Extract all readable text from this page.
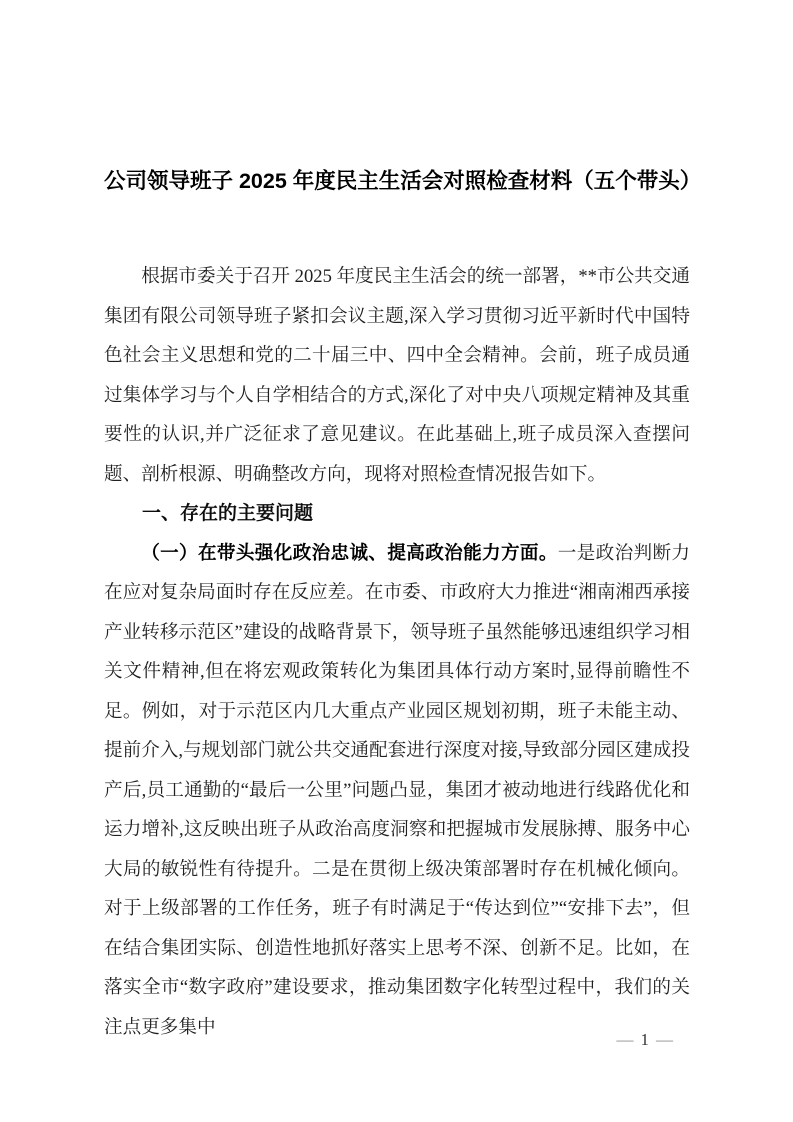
公司领导班子 2025 年度民主生活会对照检查材料（五个带头）

根据市委关于召开 2025 年度民主生活会的统一部署，**市公共交通集团有限公司领导班子紧扣会议主题,深入学习贯彻习近平新时代中国特色社会主义思想和党的二十届三中、四中全会精神。会前，班子成员通过集体学习与个人自学相结合的方式,深化了对中央八项规定精神及其重要性的认识,并广泛征求了意见建议。在此基础上,班子成员深入查摆问题、剖析根源、明确整改方向，现将对照检查情况报告如下。

一、存在的主要问题

（一）在带头强化政治忠诚、提高政治能力方面。一是政治判断力在应对复杂局面时存在反应差。在市委、市政府大力推进“湘南湘西承接产业转移示范区”建设的战略背景下，领导班子虽然能够迅速组织学习相关文件精神,但在将宏观政策转化为集团具体行动方案时,显得前瞻性不足。例如，对于示范区内几大重点产业园区规划初期，班子未能主动、提前介入,与规划部门就公共交通配套进行深度对接,导致部分园区建成投产后,员工通勤的“最后一公里”问题凸显，集团才被动地进行线路优化和运力增补,这反映出班子从政治高度洞察和把握城市发展脉搏、服务中心大局的敏锐性有待提升。二是在贯彻上级决策部署时存在机械化倾向。对于上级部署的工作任务，班子有时满足于“传达到位”“安排下去”，但在结合集团实际、创造性地抓好落实上思考不深、创新不足。比如，在落实全市“数字政府”建设要求，推动集团数字化转型过程中，我们的关注点更多集中

— 1 —
